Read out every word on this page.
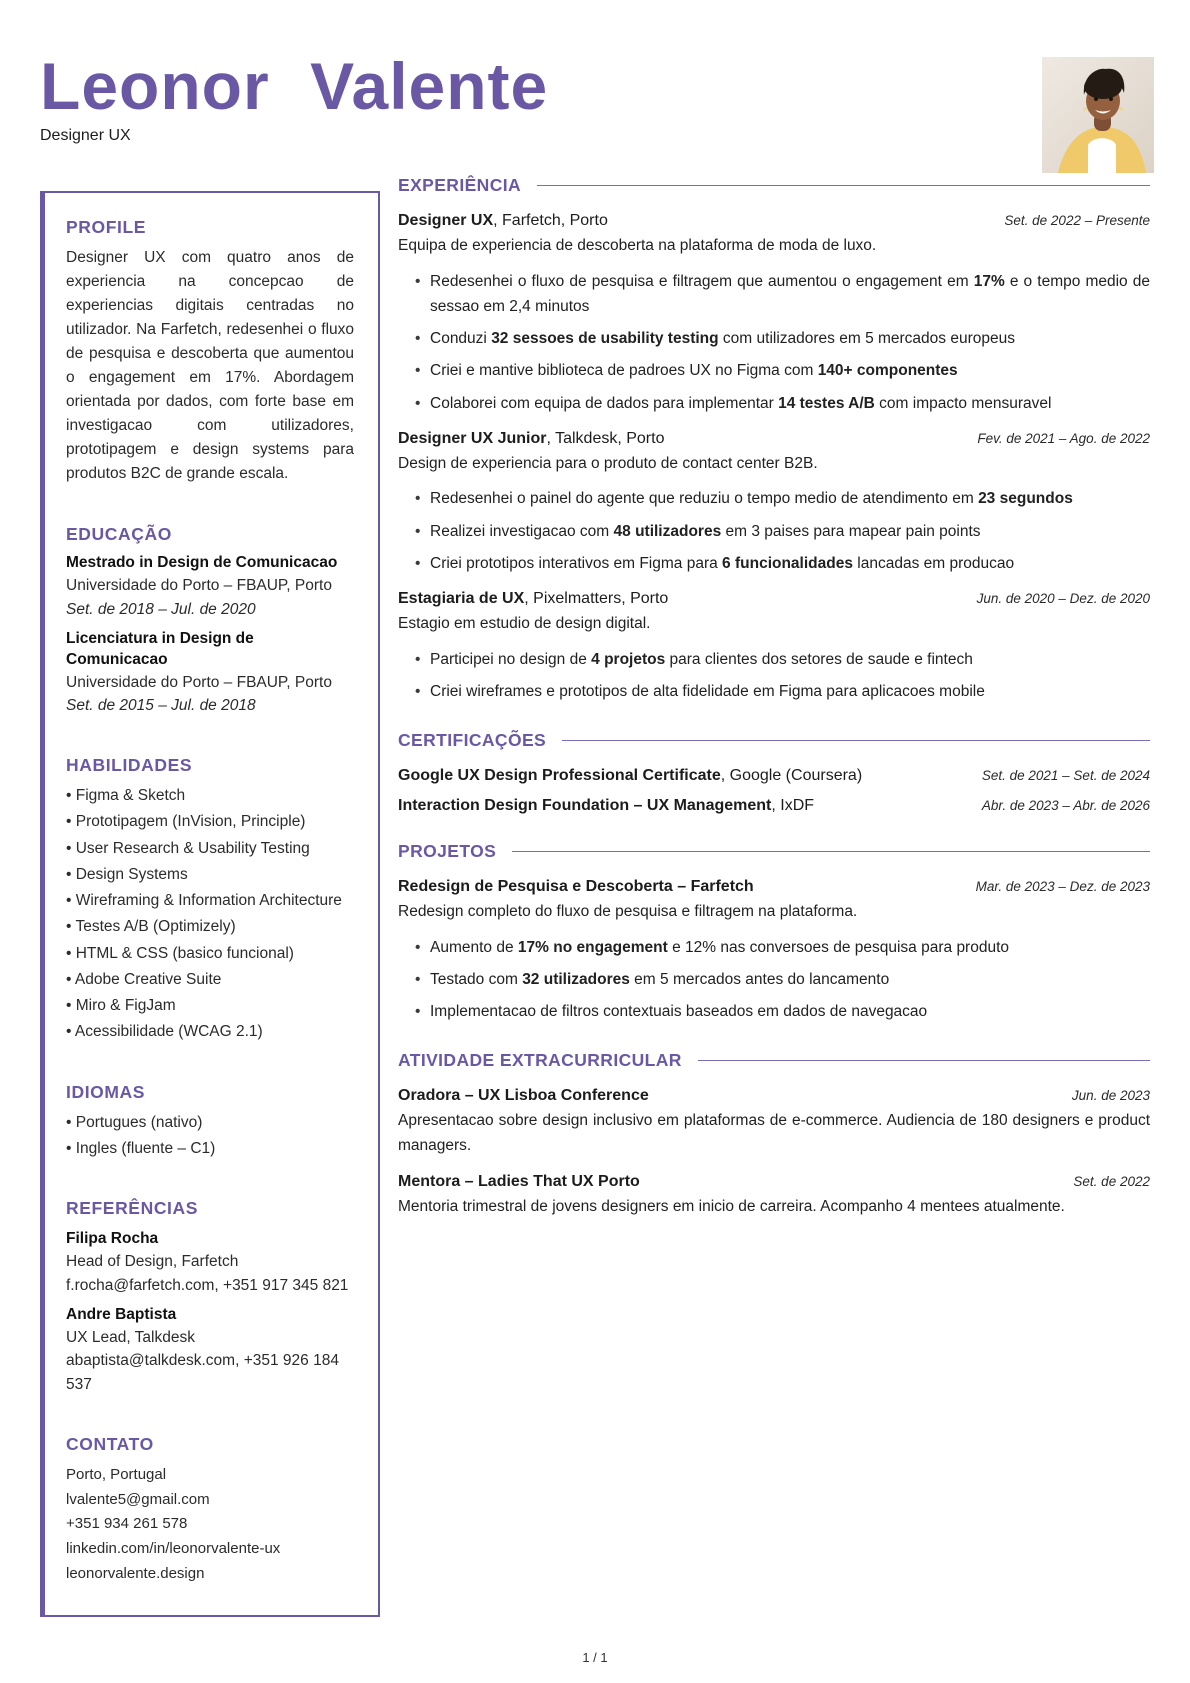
Leonor Valente
Designer UX
PROFILE
Designer UX com quatro anos de experiencia na concepcao de experiencias digitais centradas no utilizador. Na Farfetch, redesenhei o fluxo de pesquisa e descoberta que aumentou o engagement em 17%. Abordagem orientada por dados, com forte base em investigacao com utilizadores, prototipagem e design systems para produtos B2C de grande escala.
EDUCAÇÃO
Mestrado in Design de Comunicacao
Universidade do Porto – FBAUP, Porto
Set. de 2018 – Jul. de 2020
Licenciatura in Design de Comunicacao
Universidade do Porto – FBAUP, Porto
Set. de 2015 – Jul. de 2018
HABILIDADES
• Figma & Sketch
• Prototipagem (InVision, Principle)
• User Research & Usability Testing
• Design Systems
• Wireframing & Information Architecture
• Testes A/B (Optimizely)
• HTML & CSS (basico funcional)
• Adobe Creative Suite
• Miro & FigJam
• Acessibilidade (WCAG 2.1)
IDIOMAS
• Portugues (nativo)
• Ingles (fluente – C1)
REFERÊNCIAS
Filipa Rocha
Head of Design, Farfetch
f.rocha@farfetch.com, +351 917 345 821
Andre Baptista
UX Lead, Talkdesk
abaptista@talkdesk.com, +351 926 184 537
CONTATO
Porto, Portugal
lvalente5@gmail.com
+351 934 261 578
linkedin.com/in/leonorvalente-ux
leonorvalente.design
EXPERIÊNCIA
Designer UX, Farfetch, Porto	Set. de 2022 – Presente
Equipa de experiencia de descoberta na plataforma de moda de luxo.
• Redesenhei o fluxo de pesquisa e filtragem que aumentou o engagement em 17% e o tempo medio de sessao em 2,4 minutos
• Conduzi 32 sessoes de usability testing com utilizadores em 5 mercados europeus
• Criei e mantive biblioteca de padroes UX no Figma com 140+ componentes
• Colaborei com equipa de dados para implementar 14 testes A/B com impacto mensuravel
Designer UX Junior, Talkdesk, Porto	Fev. de 2021 – Ago. de 2022
Design de experiencia para o produto de contact center B2B.
• Redesenhei o painel do agente que reduziu o tempo medio de atendimento em 23 segundos
• Realizei investigacao com 48 utilizadores em 3 paises para mapear pain points
• Criei prototipos interativos em Figma para 6 funcionalidades lancadas em producao
Estagiaria de UX, Pixelmatters, Porto	Jun. de 2020 – Dez. de 2020
Estagio em estudio de design digital.
• Participei no design de 4 projetos para clientes dos setores de saude e fintech
• Criei wireframes e prototipos de alta fidelidade em Figma para aplicacoes mobile
CERTIFICAÇÕES
Google UX Design Professional Certificate, Google (Coursera)	Set. de 2021 – Set. de 2024
Interaction Design Foundation – UX Management, IxDF	Abr. de 2023 – Abr. de 2026
PROJETOS
Redesign de Pesquisa e Descoberta – Farfetch	Mar. de 2023 – Dez. de 2023
Redesign completo do fluxo de pesquisa e filtragem na plataforma.
• Aumento de 17% no engagement e 12% nas conversoes de pesquisa para produto
• Testado com 32 utilizadores em 5 mercados antes do lancamento
• Implementacao de filtros contextuais baseados em dados de navegacao
ATIVIDADE EXTRACURRICULAR
Oradora – UX Lisboa Conference	Jun. de 2023
Apresentacao sobre design inclusivo em plataformas de e-commerce. Audiencia de 180 designers e product managers.
Mentora – Ladies That UX Porto	Set. de 2022
Mentoria trimestral de jovens designers em inicio de carreira. Acompanho 4 mentees atualmente.
1 / 1
